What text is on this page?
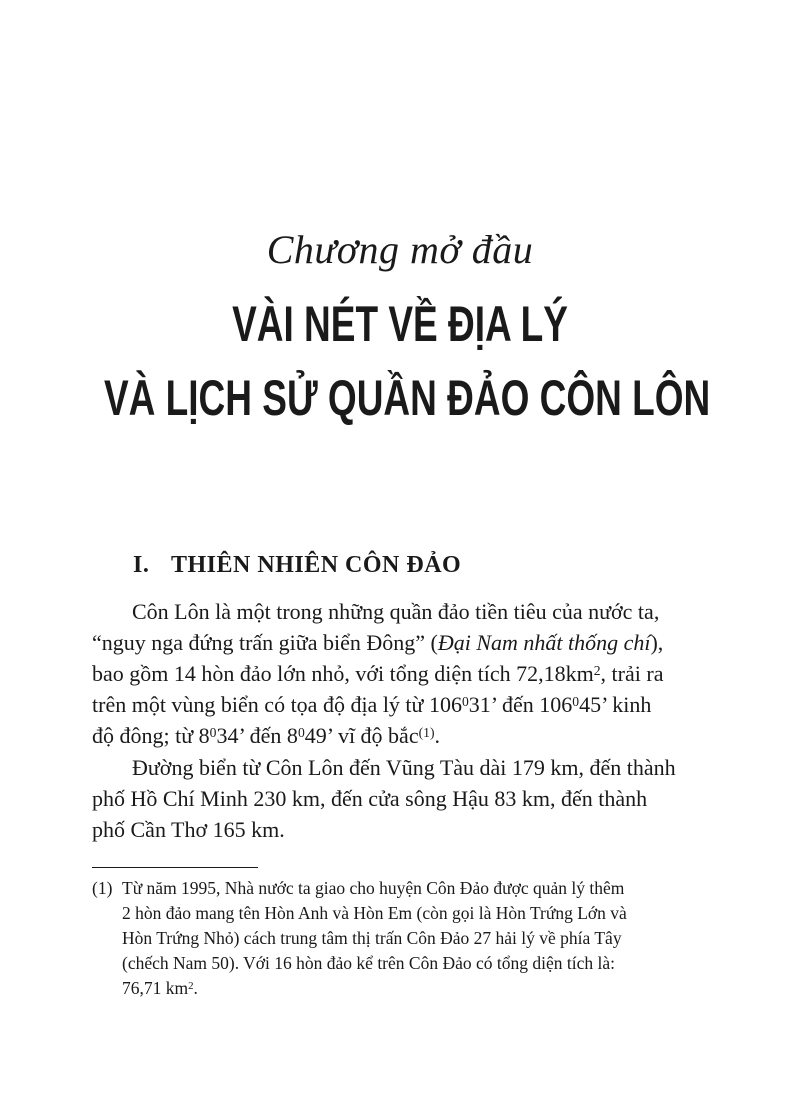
Chương mở đầu
VÀI NÉT VỀ ĐỊA LÝ
VÀ LỊCH SỬ QUẦN ĐẢO CÔN LÔN
I. THIÊN NHIÊN CÔN ĐẢO
Côn Lôn là một trong những quần đảo tiền tiêu của nước ta,
“nguy nga đứng trấn giữa biển Đông” (Đại Nam nhất thống chí),
bao gồm 14 hòn đảo lớn nhỏ, với tổng diện tích $72,18km^2$, trải ra
trên một vùng biển có tọa độ địa lý từ $106^031$’ đến $106^045$’ kinh
độ đông; từ $8^034$’ đến $8^049$’ vĩ độ bắc$^{(1)}$.
Đường biển từ Côn Lôn đến Vũng Tàu dài 179 km, đến thành
phố Hồ Chí Minh 230 km, đến cửa sông Hậu 83 km, đến thành
phố Cần Thơ 165 km.
(1) Từ năm 1995, Nhà nước ta giao cho huyện Côn Đảo được quản lý thêm
2 hòn đảo mang tên Hòn Anh và Hòn Em (còn gọi là Hòn Trứng Lớn và
Hòn Trứng Nhỏ) cách trung tâm thị trấn Côn Đảo 27 hải lý về phía Tây
(chếch Nam 50). Với 16 hòn đảo kể trên Côn Đảo có tổng diện tích là:
76,71 $km^2$.
